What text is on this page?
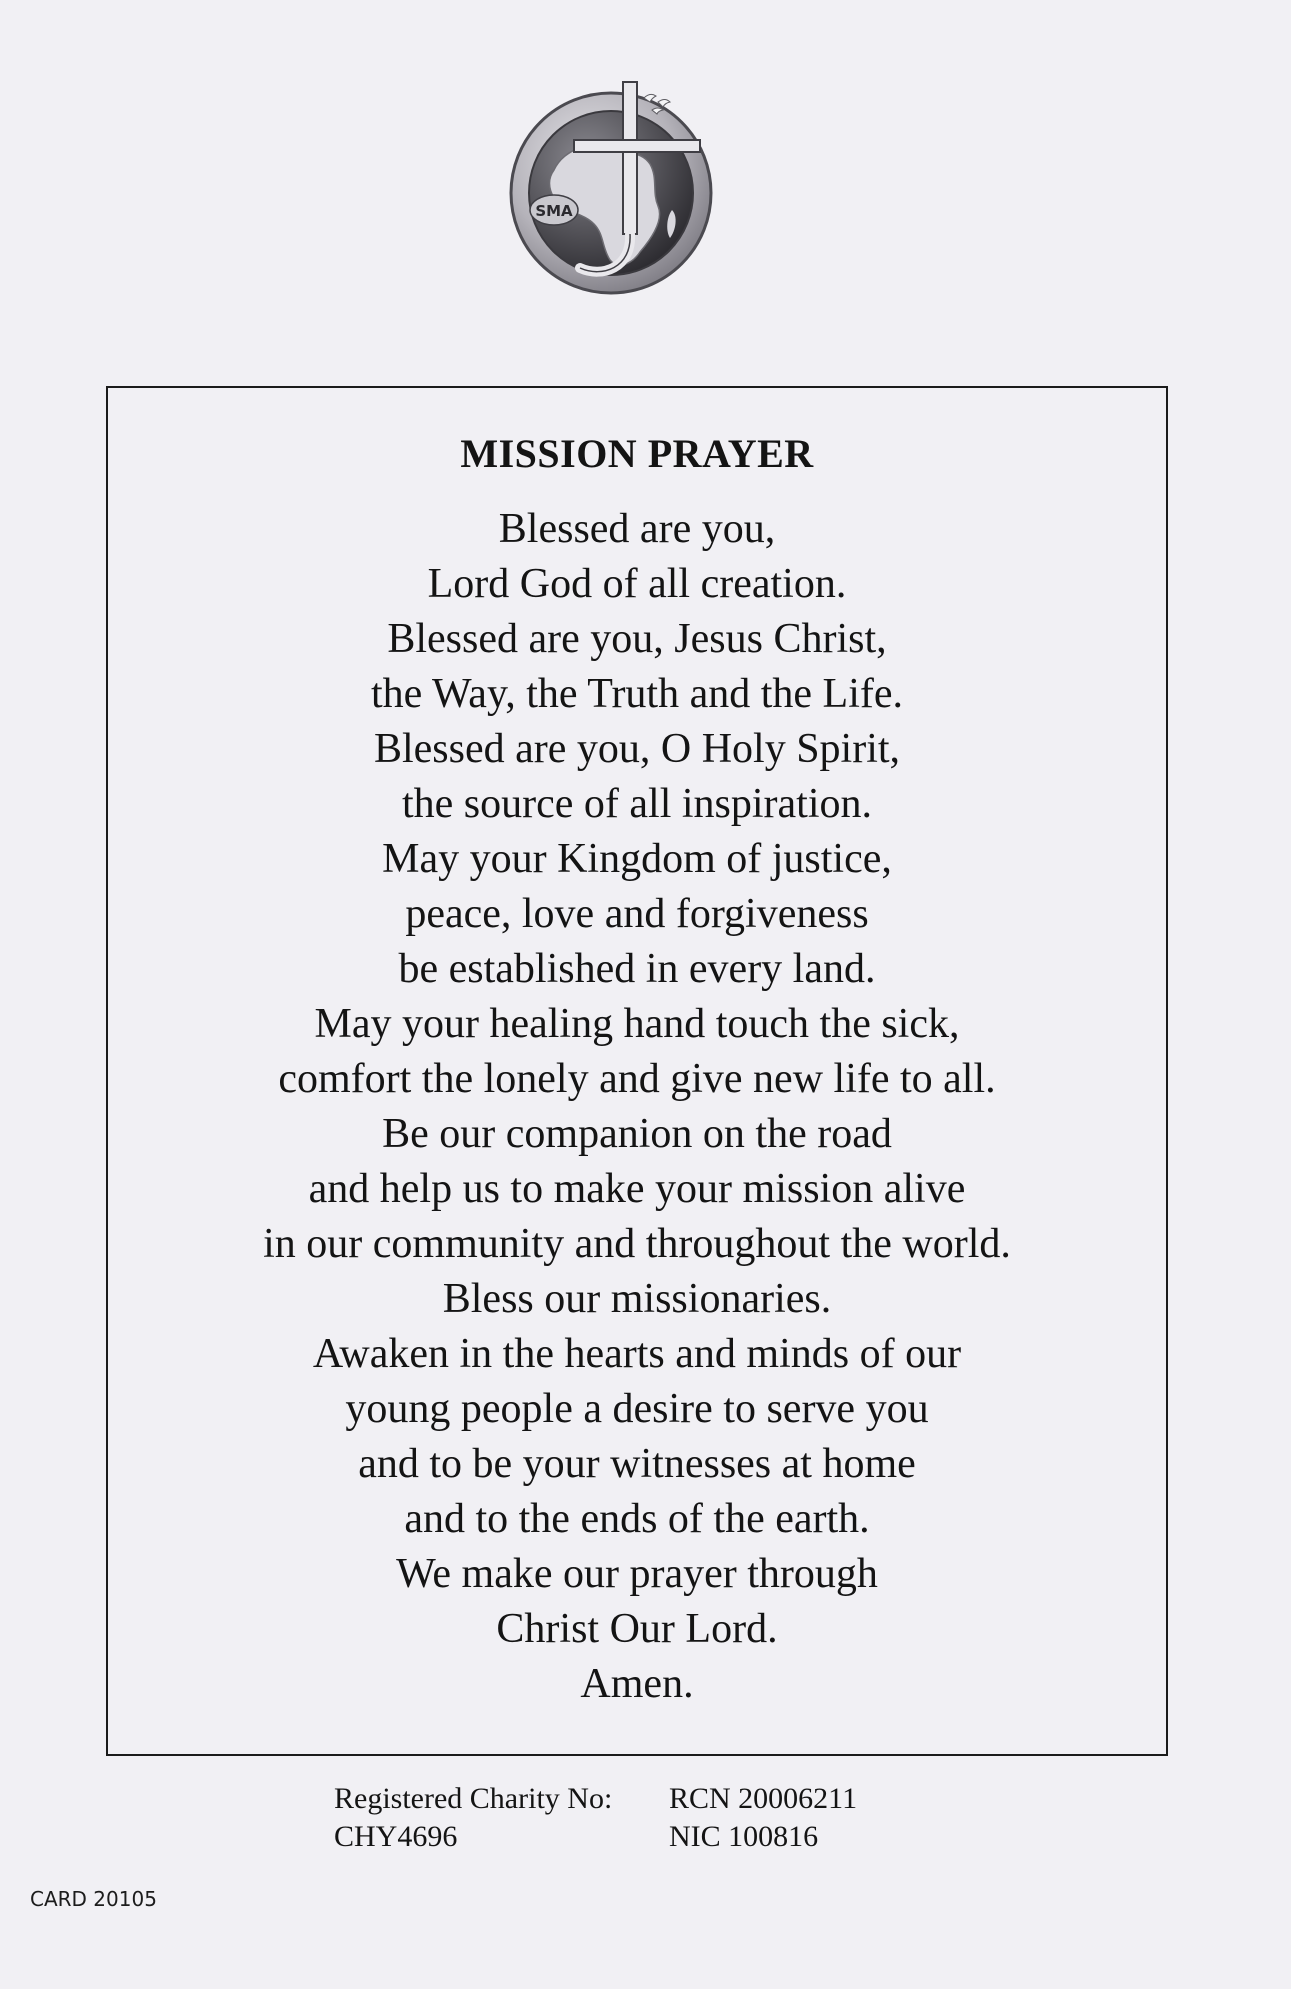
SMA
MISSION PRAYER
Blessed are you,
Lord God of all creation.
Blessed are you, Jesus Christ,
the Way, the Truth and the Life.
Blessed are you, O Holy Spirit,
the source of all inspiration.
May your Kingdom of justice,
peace, love and forgiveness
be established in every land.
May your healing hand touch the sick,
comfort the lonely and give new life to all.
Be our companion on the road
and help us to make your mission alive
in our community and throughout the world.
Bless our missionaries.
Awaken in the hearts and minds of our
young people a desire to serve you
and to be your witnesses at home
and to the ends of the earth.
We make our prayer through
Christ Our Lord.
Amen.
Registered Charity No:	RCN 20006211
CHY4696	NIC 100816
CARD 20105
